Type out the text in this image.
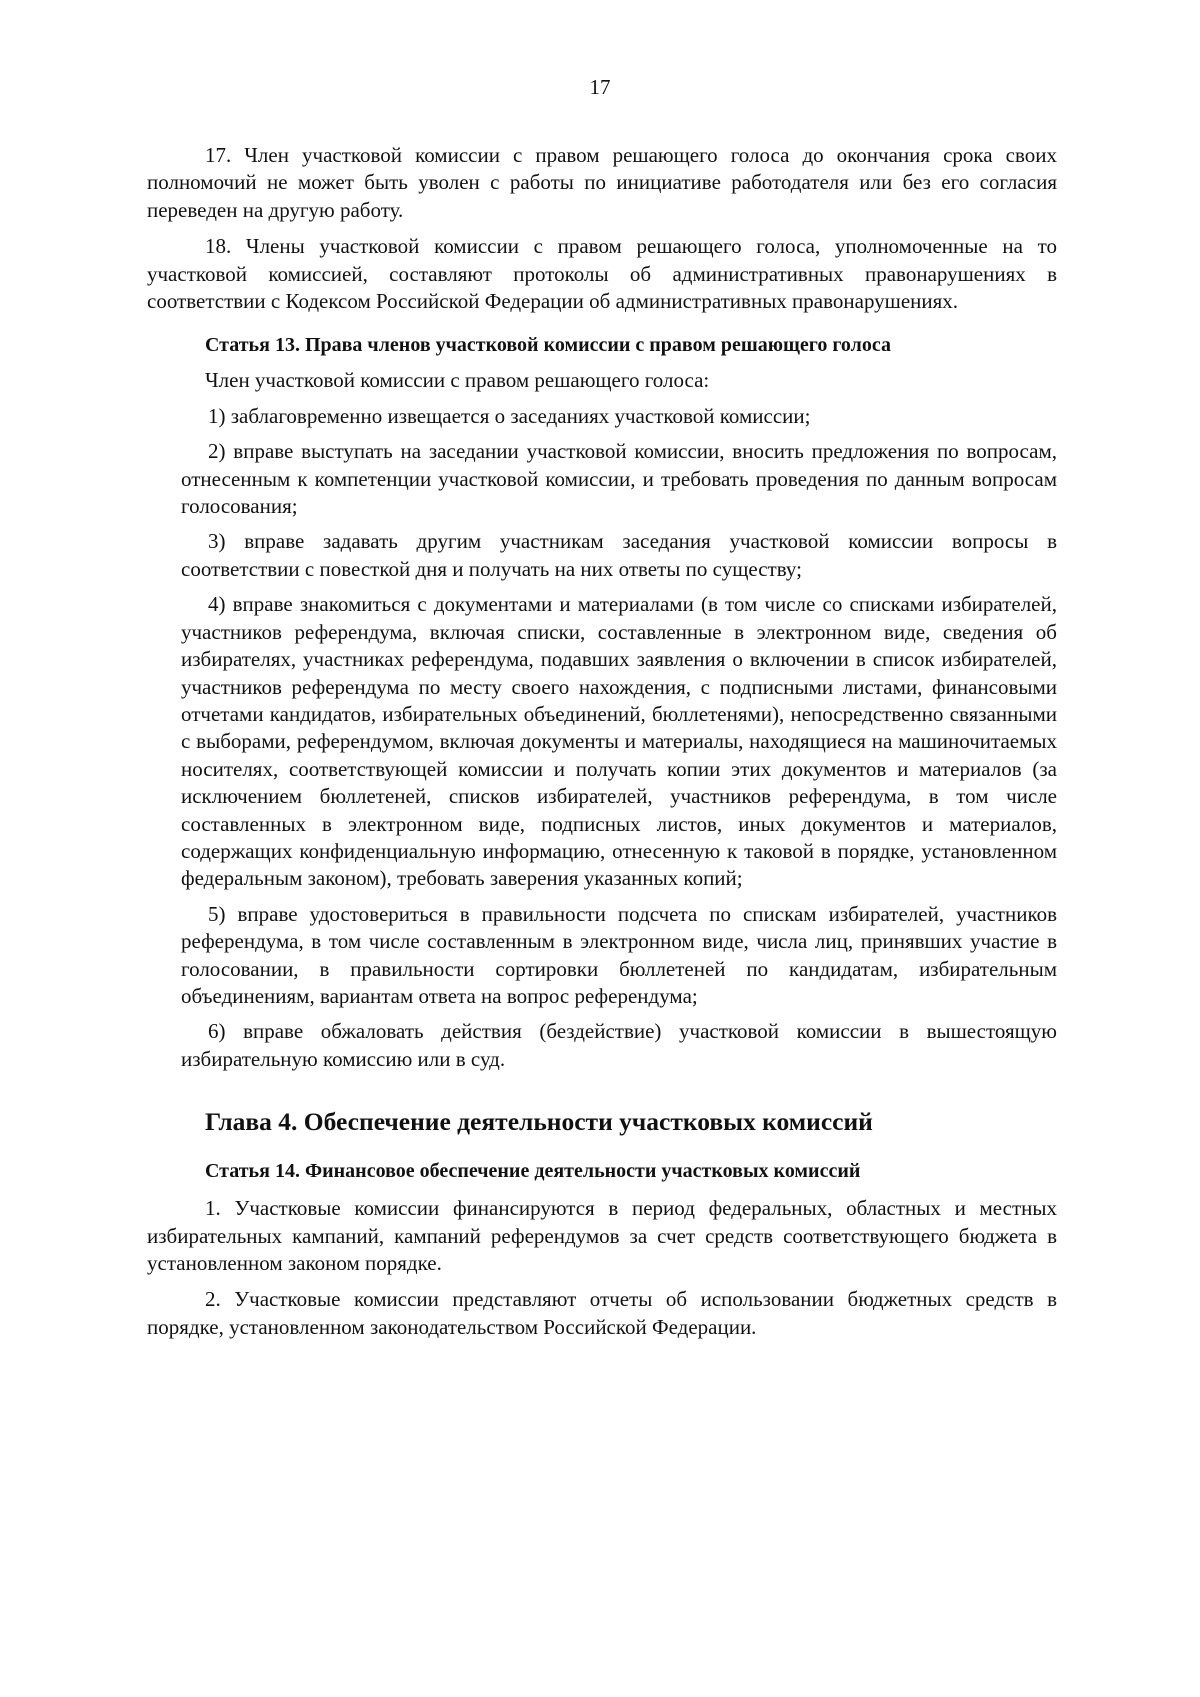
17

17. Член участковой комиссии с правом решающего голоса до окончания срока своих полномочий не может быть уволен с работы по инициативе работодателя или без его согласия переведен на другую работу.

18. Члены участковой комиссии с правом решающего голоса, уполномоченные на то участковой комиссией, составляют протоколы об административных правонарушениях в соответствии с Кодексом Российской Федерации об административных правонарушениях.

Статья 13. Права членов участковой комиссии с правом решающего голоса
Член участковой комиссии с правом решающего голоса:
1) заблаговременно извещается о заседаниях участковой комиссии;
2) вправе выступать на заседании участковой комиссии, вносить предложения по вопросам, отнесенным к компетенции участковой комиссии, и требовать проведения по данным вопросам голосования;
3) вправе задавать другим участникам заседания участковой комиссии вопросы в соответствии с повесткой дня и получать на них ответы по существу;
4) вправе знакомиться с документами и материалами (в том числе со списками избирателей, участников референдума, включая списки, составленные в электронном виде, сведения об избирателях, участниках референдума, подавших заявления о включении в список избирателей, участников референдума по месту своего нахождения, с подписными листами, финансовыми отчетами кандидатов, избирательных объединений, бюллетенями), непосредственно связанными с выборами, референдумом, включая документы и материалы, находящиеся на машиночитаемых носителях, соответствующей комиссии и получать копии этих документов и материалов (за исключением бюллетеней, списков избирателей, участников референдума, в том числе составленных в электронном виде, подписных листов, иных документов и материалов, содержащих конфиденциальную информацию, отнесенную к таковой в порядке, установленном федеральным законом), требовать заверения указанных копий;
5) вправе удостовериться в правильности подсчета по спискам избирателей, участников референдума, в том числе составленным в электронном виде, числа лиц, принявших участие в голосовании, в правильности сортировки бюллетеней по кандидатам, избирательным объединениям, вариантам ответа на вопрос референдума;
6) вправе обжаловать действия (бездействие) участковой комиссии в вышестоящую избирательную комиссию или в суд.
Глава 4. Обеспечение деятельности участковых комиссий
Статья 14. Финансовое обеспечение деятельности участковых комиссий

1. Участковые комиссии финансируются в период федеральных, областных и местных избирательных кампаний, кампаний референдумов за счет средств соответствующего бюджета в установленном законом порядке.

2. Участковые комиссии представляют отчеты об использовании бюджетных средств в порядке, установленном законодательством Российской Федерации.
